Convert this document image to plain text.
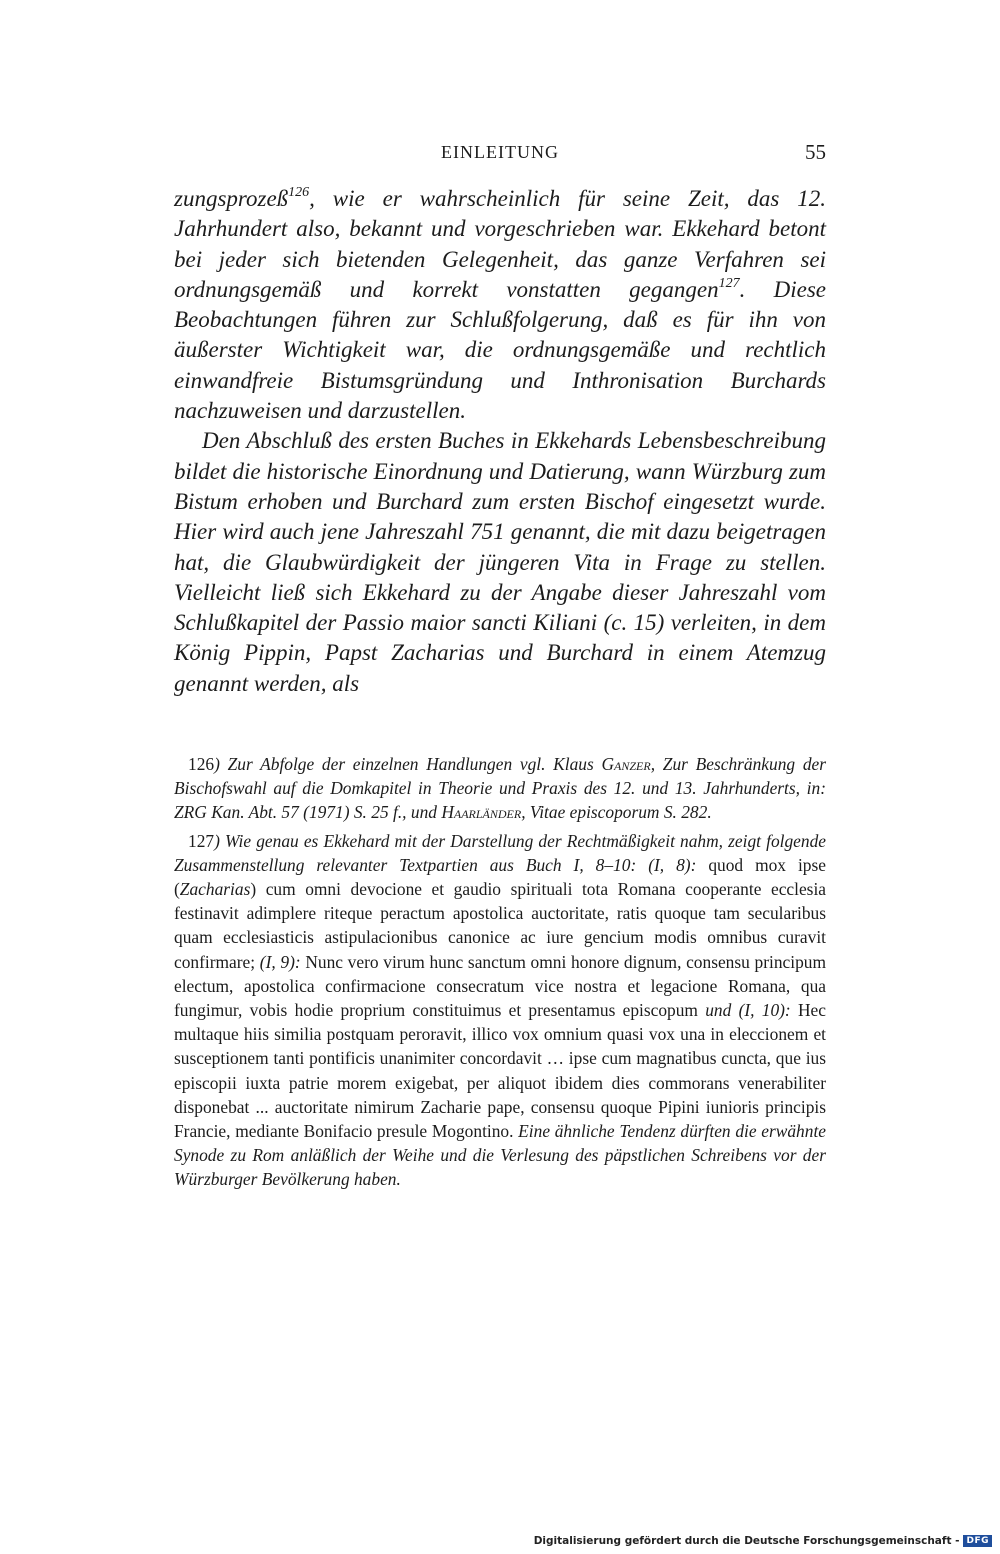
EINLEITUNG	55

zungsprozeß$^{126}$, wie er wahrscheinlich für seine Zeit, das 12. Jahrhundert also, bekannt und vorgeschrieben war. Ekkehard betont bei jeder sich bietenden Gelegenheit, das ganze Verfahren sei ordnungsgemäß und korrekt vonstatten gegangen$^{127}$. Diese Beobachtungen führen zur Schlußfolgerung, daß es für ihn von äußerster Wichtigkeit war, die ordnungsgemäße und rechtlich einwandfreie Bistumsgründung und Inthronisation Burchards nachzuweisen und darzustellen.

Den Abschluß des ersten Buches in Ekkehards Lebensbeschreibung bildet die historische Einordnung und Datierung, wann Würzburg zum Bistum erhoben und Burchard zum ersten Bischof eingesetzt wurde. Hier wird auch jene Jahreszahl 751 genannt, die mit dazu beigetragen hat, die Glaubwürdigkeit der jüngeren Vita in Frage zu stellen. Vielleicht ließ sich Ekkehard zu der Angabe dieser Jahreszahl vom Schlußkapitel der Passio maior sancti Kiliani (c. 15) verleiten, in dem König Pippin, Papst Zacharias und Burchard in einem Atemzug genannt werden, als

126) Zur Abfolge der einzelnen Handlungen vgl. Klaus Ganzer, Zur Beschränkung der Bischofswahl auf die Domkapitel in Theorie und Praxis des 12. und 13. Jahrhunderts, in: ZRG Kan. Abt. 57 (1971) S. 25 f., und Haarländer, Vitae episcoporum S. 282.

127) Wie genau es Ekkehard mit der Darstellung der Rechtmäßigkeit nahm, zeigt folgende Zusammenstellung relevanter Textpartien aus Buch I, 8–10: (I, 8): quod mox ipse (Zacharias) cum omni devocione et gaudio spirituali tota Romana cooperante ecclesia festinavit adimplere riteque peractum apostolica auctoritate, ratis quoque tam secularibus quam ecclesiasticis astipulacionibus canonice ac iure gencium modis omnibus curavit confirmare; (I, 9): Nunc vero virum hunc sanctum omni honore dignum, consensu principum electum, apostolica confirmacione consecratum vice nostra et legacione Romana, qua fungimur, vobis hodie proprium constituimus et presentamus episcopum und (I, 10): Hec multaque hiis similia postquam peroravit, illico vox omnium quasi vox una in eleccionem et susceptionem tanti pontificis unanimiter concordavit … ipse cum magnatibus cuncta, que ius episcopii iuxta patrie morem exigebat, per aliquot ibidem dies commorans venerabiliter disponebat ... auctoritate nimirum Zacharie pape, consensu quoque Pipini iunioris principis Francie, mediante Bonifacio presule Mogontino. Eine ähnliche Tendenz dürften die erwähnte Synode zu Rom anläßlich der Weihe und die Verlesung des päpstlichen Schreibens vor der Würzburger Bevölkerung haben.

Digitalisierung gefördert durch die Deutsche Forschungsgemeinschaft - DFG
